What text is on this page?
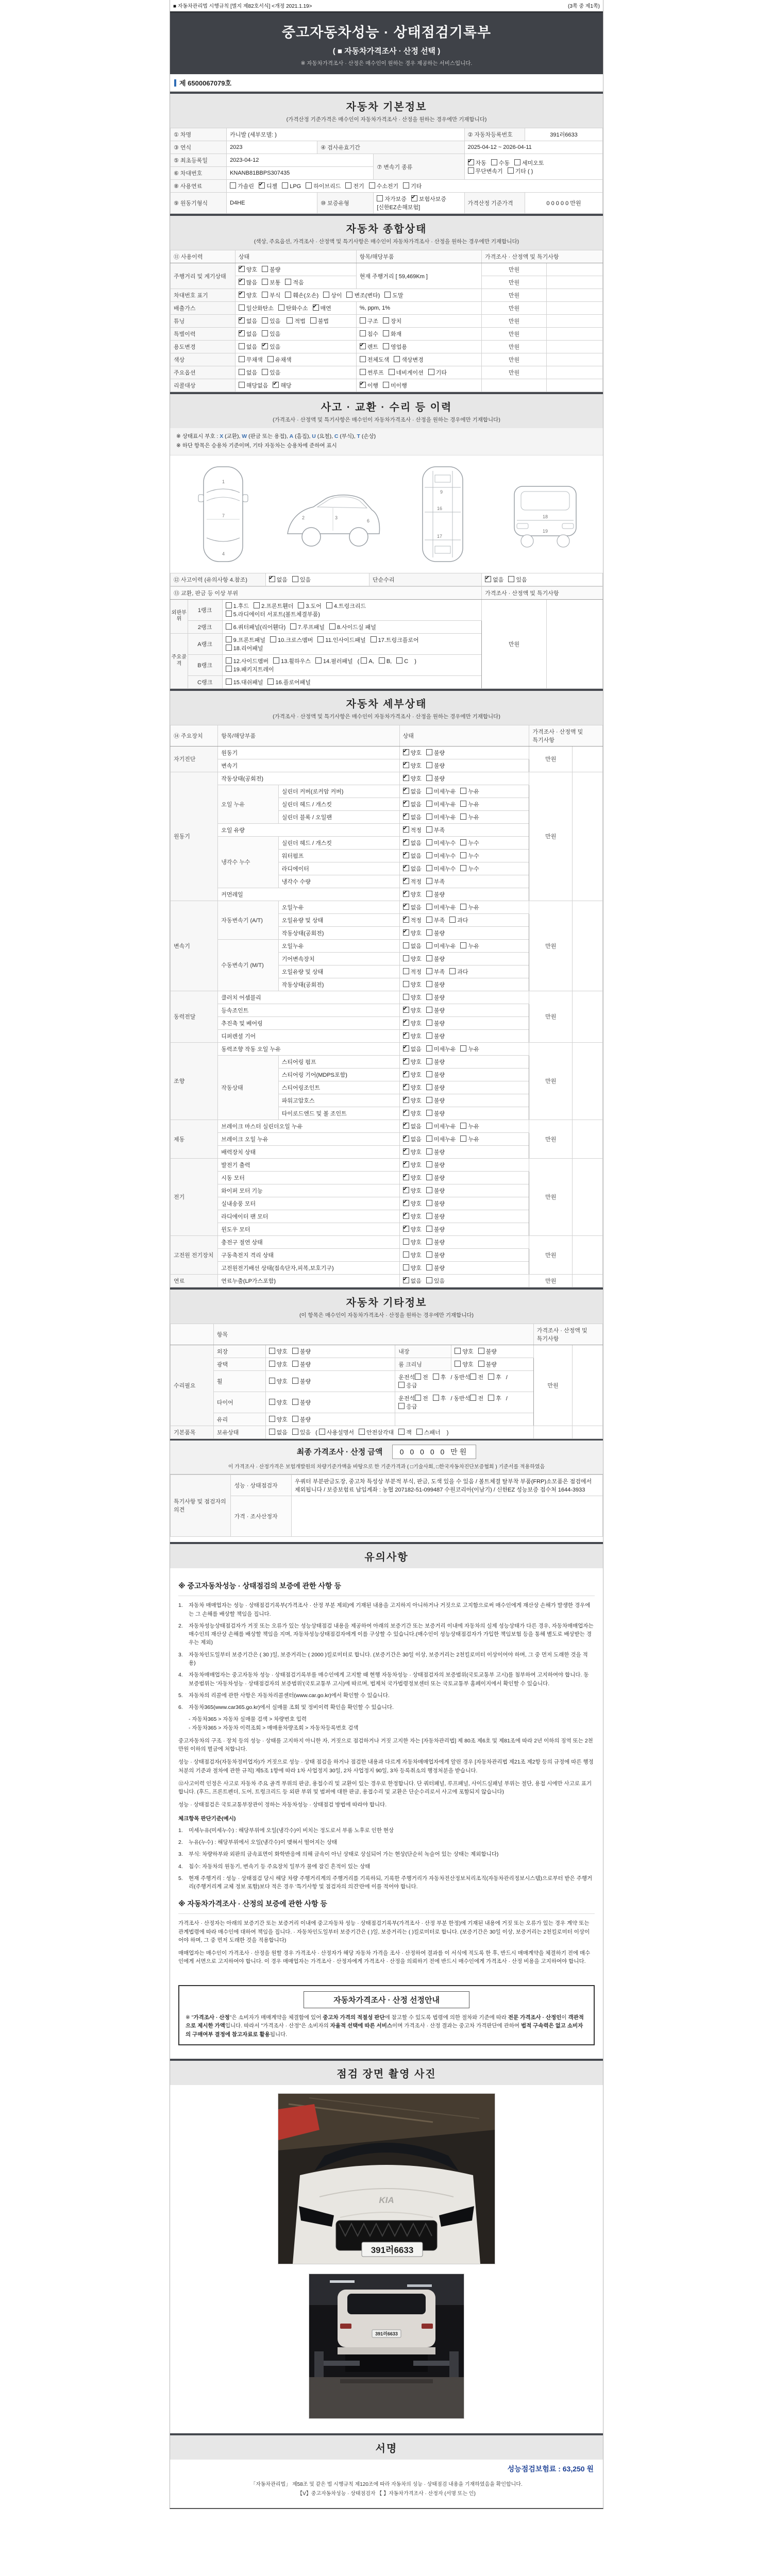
■ 자동차관리법 시행규칙 [별지 제82호서식] <개정 2021.1.19>	(3쪽 중 제1쪽)
중고자동차성능 · 상태점검기록부
( ■ 자동차가격조사 · 산정 선택 )
※ 자동차가격조사 · 산정은 매수인이 원하는 경우 제공하는 서비스입니다.
제 6500067079호
자동차 기본정보
(가격산정 기준가격은 매수인이 자동차가격조사 · 산정을 원하는 경우에만 기재합니다)
① 차명	카니발 (세부모델: )			② 자동차등록번호	391러6633
③ 연식	2023	④ 검사유효기간		2025-04-12 ~ 2026-04-11	
⑤ 최초등록일	2023-04-12		⑦ 변속기 종류	✔자동 수동 세미오토
무단변속기 기타 ( )
⑥ 차대번호	KNANB81BBPS307435				
⑧ 사용연료	가솔린 ✔ 디젤 LPG 하이브리드 전기 수소전기 기타
⑨ 원동기형식	D4HE	⑩ 보증유형	자가보증 ✔ 보험사보증[신한EZ손해보험]	가격산정 기준가격	0 0 0 0 0 만원
자동차 종합상태
(색상, 주요옵션, 가격조사 · 산정액 및 특기사항은 매수인이 자동차가격조사 · 산정을 원하는 경우에만 기재합니다)
⑪ 사용이력	상태	항목/해당부품	가격조사 · 산정액 및 특기사항	
주행거리 및 계기상태	✔양호 불량	현재 주행거리 [ 59,469Km ]	만원	
✔많음 보통 적음		만원	
차대번호 표기	✔양호 부식 훼손(오손) 상이 변조(변타) 도말		만원	
배출가스	일산화탄소 탄화수소 ✔ 매연	%, ppm, 1%	만원	
튜닝	✔없음 있음 적법 불법	구조 장치	만원	
특별이력	✔없음 있음	침수 화재	만원	
용도변경	없음 ✔ 있음	✔렌트 영업용	만원	
색상	무채색 유채색	전체도색 색상변경	만원	
주요옵션	없음 있음	썬루프 네비게이션 기타	만원	
리콜대상	해당없음 ✔ 해당	✔이행 미이행		
사고 · 교환 · 수리 등 이력
(가격조사 · 산정액 및 특기사항은 매수인이 자동차가격조사 · 산정을 원하는 경우에만 기재합니다)
※ 상태표시 부호 : X (교환), W (판금 또는 용접), A (흠집), U (요철), C (부식), T (손상)
※ 하단 항목은 승용차 기준이며, 기타 자동차는 승용차에 준하여 표시
1
7
4
2	3
6
9
16
17
18
19
⑫ 사고이력 (유의사항 4.참조)	✔없음 있음	단순수리	✔없음 있음
⑬ 교환, 판금 등 이상 부위			가격조사 · 산정액 및 특기사항	
외판부위	1랭크	1.후드 2.프론트휀더 3.도어 4.트렁크리드
5.라디에이터 서포트(볼트체결부품)	만원	
	2랭크	6.쿼터패널(리어휀다) 7.루프패널 8.사이드실 패널		
주요골격	A랭크	9.프론트패널 10.크로스멤버 11.인사이드패널 17.트렁크플로어
18.리어패널		
	B랭크	12.사이드멤버 13.휠하우스 14.필러패널 ( A, B, C )
19.패키지트레이		
	C랭크	15.대쉬패널 16.플로어패널		
자동차 세부상태
(가격조사 · 산정액 및 특기사항은 매수인이 자동차가격조사 · 산정을 원하는 경우에만 기재합니다)
⑭ 주요장치	항목/해당부품		상태	가격조사 · 산정액 및 특기사항	
자기진단	원동기	✔양호 불량	만원	
	변속기	✔양호 불량
원동기	작동상태(공회전)	✔양호 불량	만원	
	오일 누유	실린더 커버(로커암 커버)	✔없음 미세누유 누유
		실린더 헤드 / 개스킷	✔없음 미세누유 누유
		실린더 블록 / 오일팬	✔없음 미세누유 누유
	오일 유량	✔적정 부족
	냉각수 누수	실린더 헤드 / 개스킷	✔없음 미세누수 누수
		워터펌프	✔없음 미세누수 누수
		라디에이터	✔없음 미세누수 누수
		냉각수 수량	✔적정 부족
	커먼레일	✔양호 불량
변속기	자동변속기 (A/T)	오일누유	✔없음 미세누유 누유	만원	
		오일유량 및 상태	✔적정 부족 과다
		작동상태(공회전)	✔양호 불량
	수동변속기 (M/T)	오일누유	없음 미세누유 누유		
		기어변속장치	양호 불량		
		오일유량 및 상태	적정 부족 과다		
		작동상태(공회전)	양호 불량		
동력전달	클러치 어셈블리		양호 불량	만원	
	등속조인트	✔양호 불량
	추진축 및 베어링	✔양호 불량
	디퍼렌셜 기어	✔양호 불량
조향	동력조향 작동 오일 누유	✔없음 미세누유 누유	만원	
	작동상태	스티어링 펌프	✔양호 불량
		스티어링 기어(MDPS포함)	✔양호 불량
		스티어링조인트	✔양호 불량
		파워고압호스	✔양호 불량
		타이로드엔드 및 볼 조인트	✔양호 불량
제동	브레이크 마스터 실린더오일 누유	✔없음 미세누유 누유	만원	
	브레이크 오일 누유	✔없음 미세누유 누유
	배력장치 상태	✔양호 불량
전기	발전기 출력	✔양호 불량	만원	
	시동 모터	✔양호 불량
	와이퍼 모터 기능	✔양호 불량
	실내송풍 모터	✔양호 불량
	라디에이터 팬 모터	✔양호 불량
	윈도우 모터	✔양호 불량
고전원 전기장치	충전구 절연 상태		양호 불량	만원	
	구동축전지 격리 상태		양호 불량		
	고전원전기배선 상태(접속단자,피복,보호기구)		양호 불량		
연료	연료누출(LP가스포함)	✔없음 있음	만원	
자동차 기타정보
(이 항목은 매수인이 자동차가격조사 · 산정을 원하는 경우에만 기재합니다)
	항목				가격조사 · 산정액 및 특기사항	
수리필요	외장	양호 불량	내장	양호 불량	만원	
	광택	양호 불량	룸 크리닝	양호 불량		
	휠	양호 불량	운전석 전 후 / 동반석 전 후 / 응급			
	타이어	양호 불량	운전석 전 후 / 동반석 전 후 / 응급			
	유리	양호 불량				
기본품목	보유상태	없음 있음 ( 사용설명서 안전삼각대 잭 스패너 )				
최종 가격조사 · 산정 금액 0 0 0 0 0 만원
이 가격조사 · 산정가격은 보험개발원의 차량기준가액을 바탕으로 한 기준가격과 ( □기술사회, □한국자동차진단보증협회 ) 기준서를 적용하였음
특기사항 및 점검자의 의견	성능 · 상태점검자	우쿼터 부분판금도장, 중고차 특성상 부분적 부식, 판금, 도색 있을 수 있음 / 볼트체결 탈부착 부품(FRP)소모품은 점검에서 제외됩니다 / 보증보험료 납입계좌 : 농협 207182-51-099487 수원코리아(이남기) / 신한EZ 성능보증 접수처 1644-3933
	가격 · 조사산정자	
유의사항
※ 중고자동차성능 · 상태점검의 보증에 관한 사항 등
1.	자동차 매매업자는 성능 · 상태점검기록부(가격조사 · 산정 부분 제외)에 기재된 내용을 고지하지 아니하거나 거짓으로 고지함으로써 매수인에게 재산상 손해가 발생한 경우에는 그 손해를 배상할 책임을 집니다.
2.	자동차성능상태점검자가 거짓 또는 오류가 있는 성능상태점검 내용을 제공하여 아래의 보증기간 또는 보증거리 이내에 자동차의 실제 성능상태가 다른 경우, 자동차매매업자는 매수인의 재산상 손해를 배상할 책임을 지며, 자동차성능상태점검자에게 이를 구상할 수 있습니다.(매수인이 성능상태점검자가 가입한 책임보험 등을 통해 별도로 배상받는 경우는 제외)
3.	자동차인도일부터 보증기간은 ( 30 )일, 보증거리는 ( 2000 )킬로미터로 합니다. (보증기간은 30일 이상, 보증거리는 2천킬로미터 이상이어야 하며, 그 중 먼저 도래한 것을 적용)
4.	자동차매매업자는 중고자동차 성능 · 상태점검기록부를 매수인에게 고지할 때 현행 자동차성능 · 상태점검자의 보증범위(국토교통부 고시)를 첨부하여 고지하여야 합니다. 동 보증범위는 '자동차성능 · 상태점검자의 보증범위'(국토교통부 고시)에 따르며, 법제처 국가법령정보센터 또는 국토교통부 홈페이지에서 확인할 수 있습니다.
5.	자동차의 리콜에 관한 사항은 자동차리콜센터(www.car.go.kr)에서 확인할 수 있습니다.
6.	자동차365(www.car365.go.kr)에서 실매물 조회 및 정비이력 확인을 확인할 수 있습니다.
- 자동차365 > 자동차 실매물 검색 > 차량번호 입력
- 자동차365 > 자동차 이력조회 > 매매용차량조회 > 자동차등록번호 검색
중고자동차의 구조 · 장치 등의 성능 · 상태를 고지하지 아니한 자, 거짓으로 점검하거나 거짓 고지한 자는 [자동차관리법] 제 80조 제6호 및 제81조에 따라 2년 이하의 징역 또는 2천만원 이하의 벌금에 처합니다.
성능 · 상태점검자(자동차정비업자)가 거짓으로 성능 · 상태 점검을 하거나 점검한 내용과 다르게 자동차매매업자에게 알린 경우 [자동차관리법 제21조 제2항 등의 규정에 따른 행정처분의 기준과 절차에 관한 규칙] 제5조 1항에 따라 1차 사업정지 30일, 2차 사업정지 90일, 3차 등록취소의 행정처분을 받습니다.
⑫사고이력 인정은 사고로 자동차 주요 골격 부위의 판금, 용접수리 및 교환이 있는 경우로 한정합니다. 단 쿼터패널, 루프패널, 사이드실패널 부위는 절단, 용접 시에만 사고로 표기합니다. (후드, 프론트펜더, 도어, 트렁크리드 등 외판 부위 및 범퍼에 대한 판금, 용접수리 및 교환은 단순수리로서 사고에 포함되지 않습니다)
성능 · 상태점검은 국토교통부장관이 정하는 자동차성능 · 상태점검 방법에 따라야 합니다.
체크항목 판단기준(예시)
1.	미세누유(미세누수) : 해당부위에 오일(냉각수)이 비치는 정도로서 부품 노후로 인한 현상
2.	누유(누수) : 해당부위에서 오일(냉각수)이 맺혀서 떨어지는 상태
3.	부식: 차량하부와 외판의 금속표면이 화학반응에 의해 금속이 아닌 상태로 상실되어 가는 현상(단순히 녹슬어 있는 상태는 제외합니다)
4.	침수: 자동차의 원동기, 변속기 등 주요장치 일부가 물에 잠긴 흔적이 있는 상태
5.	현재 주행거리 : 성능 · 상태점검 당시 해당 차량 주행거리계의 주행거리를 기록하되, 기록한 주행거리가 자동차전산정보처리조직(자동차관리정보시스템)으로부터 받은 주행거리(주행거리계 교체 정보 포함)보다 적은 경우 '특기사항 및 점검자의 의견'란에 이를 적어야 합니다.
※ 자동차가격조사 · 산정의 보증에 관한 사항 등
가격조사 · 산정자는 아래의 보증기간 또는 보증거리 이내에 중고자동차 성능 · 상태점검기록부(가격조사 · 산정 부분 한정)에 기재된 내용에 거짓 또는 오류가 있는 경우 계약 또는 관계법령에 따라 매수인에 대하여 책임을 집니다. · 자동차인도일부터 보증기간은 ( )일, 보증거리는 ( )킬로미터로 합니다. (보증기간은 30일 이상, 보증거리는 2천킬로미터 이상이어야 하며, 그 중 먼저 도래한 것을 적용합니다)
매매업자는 매수인이 가격조사 · 산정을 원할 경우 가격조사 · 산정자가 해당 자동차 가격을 조사 · 산정하여 결과를 이 서식에 적도록 한 후, 반드시 매매계약을 체결하기 전에 매수인에게 서면으로 고지하여야 합니다. 이 경우 매매업자는 가격조사 · 산정자에게 가격조사 · 산정을 의뢰하기 전에 반드시 매수인에게 가격조사 · 산정 비용을 고지하여야 합니다.
자동차가격조사 · 산정 선정안내
※ "가격조사 · 산정"은 소비자가 매매계약을 체결함에 있어 중고차 가격의 적절성 판단에 참고할 수 있도록 법령에 의한 절차와 기준에 따라 전문 가격조사 · 산정인이 객관적으로 제시한 가액입니다. 따라서 "가격조사 · 산정"은 소비자의 자율적 선택에 따른 서비스이며 가격조사 · 산정 결과는 중고차 가격판단에 관하여 법적 구속력은 없고 소비자의 구매여부 결정에 참고자료로 활용됩니다.
점검 장면 촬영 사진
KIA
391러6633
391러6633
서명
성능점검보험료 : 63,250 원
「자동차관리법」 제58조 및 같은 법 시행규칙 제120조에 따라 자동차의 성능 · 상태점검 내용을 기재하였음을 확인합니다.
【V】중고자동차성능 · 상태점검자 【 】자동차가격조사 · 산정자 (서명 또는 인)
